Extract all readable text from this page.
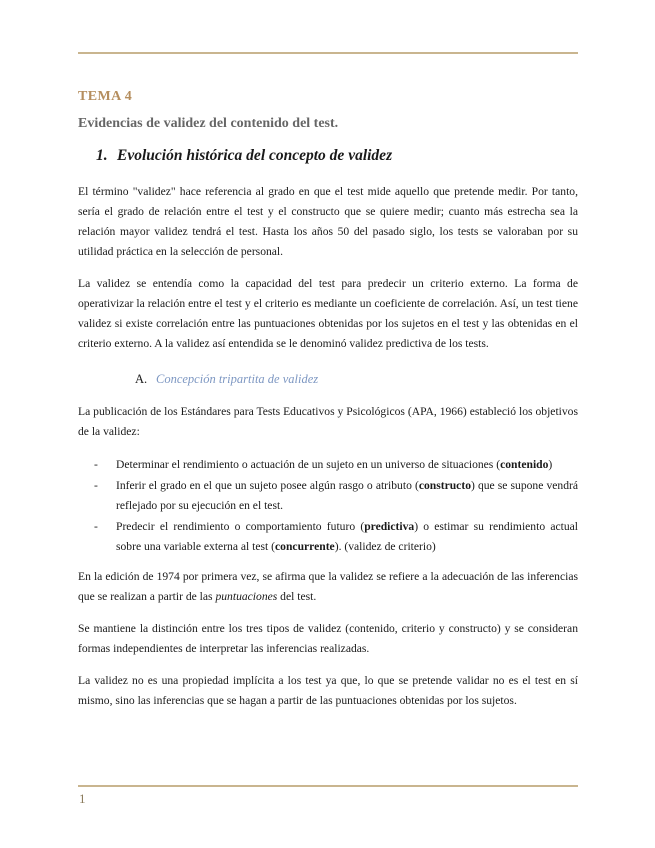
TEMA 4
Evidencias de validez del contenido del test.
1. Evolución histórica del concepto de validez

El término "validez" hace referencia al grado en que el test mide aquello que pretende medir. Por tanto, sería el grado de relación entre el test y el constructo que se quiere medir; cuanto más estrecha sea la relación mayor validez tendrá el test. Hasta los años 50 del pasado siglo, los tests se valoraban por su utilidad práctica en la selección de personal.

La validez se entendía como la capacidad del test para predecir un criterio externo. La forma de operativizar la relación entre el test y el criterio es mediante un coeficiente de correlación. Así, un test tiene validez si existe correlación entre las puntuaciones obtenidas por los sujetos en el test y las obtenidas en el criterio externo. A la validez así entendida se le denominó validez predictiva de los tests.

A. Concepción tripartita de validez

La publicación de los Estándares para Tests Educativos y Psicológicos (APA, 1966) estableció los objetivos de la validez:

- Determinar el rendimiento o actuación de un sujeto en un universo de situaciones (contenido)
- Inferir el grado en el que un sujeto posee algún rasgo o atributo (constructo) que se supone vendrá reflejado por su ejecución en el test.
- Predecir el rendimiento o comportamiento futuro (predictiva) o estimar su rendimiento actual sobre una variable externa al test (concurrente). (validez de criterio)

En la edición de 1974 por primera vez, se afirma que la validez se refiere a la adecuación de las inferencias que se realizan a partir de las puntuaciones del test.

Se mantiene la distinción entre los tres tipos de validez (contenido, criterio y constructo) y se consideran formas independientes de interpretar las inferencias realizadas.

La validez no es una propiedad implícita a los test ya que, lo que se pretende validar no es el test en sí mismo, sino las inferencias que se hagan a partir de las puntuaciones obtenidas por los sujetos.

1
